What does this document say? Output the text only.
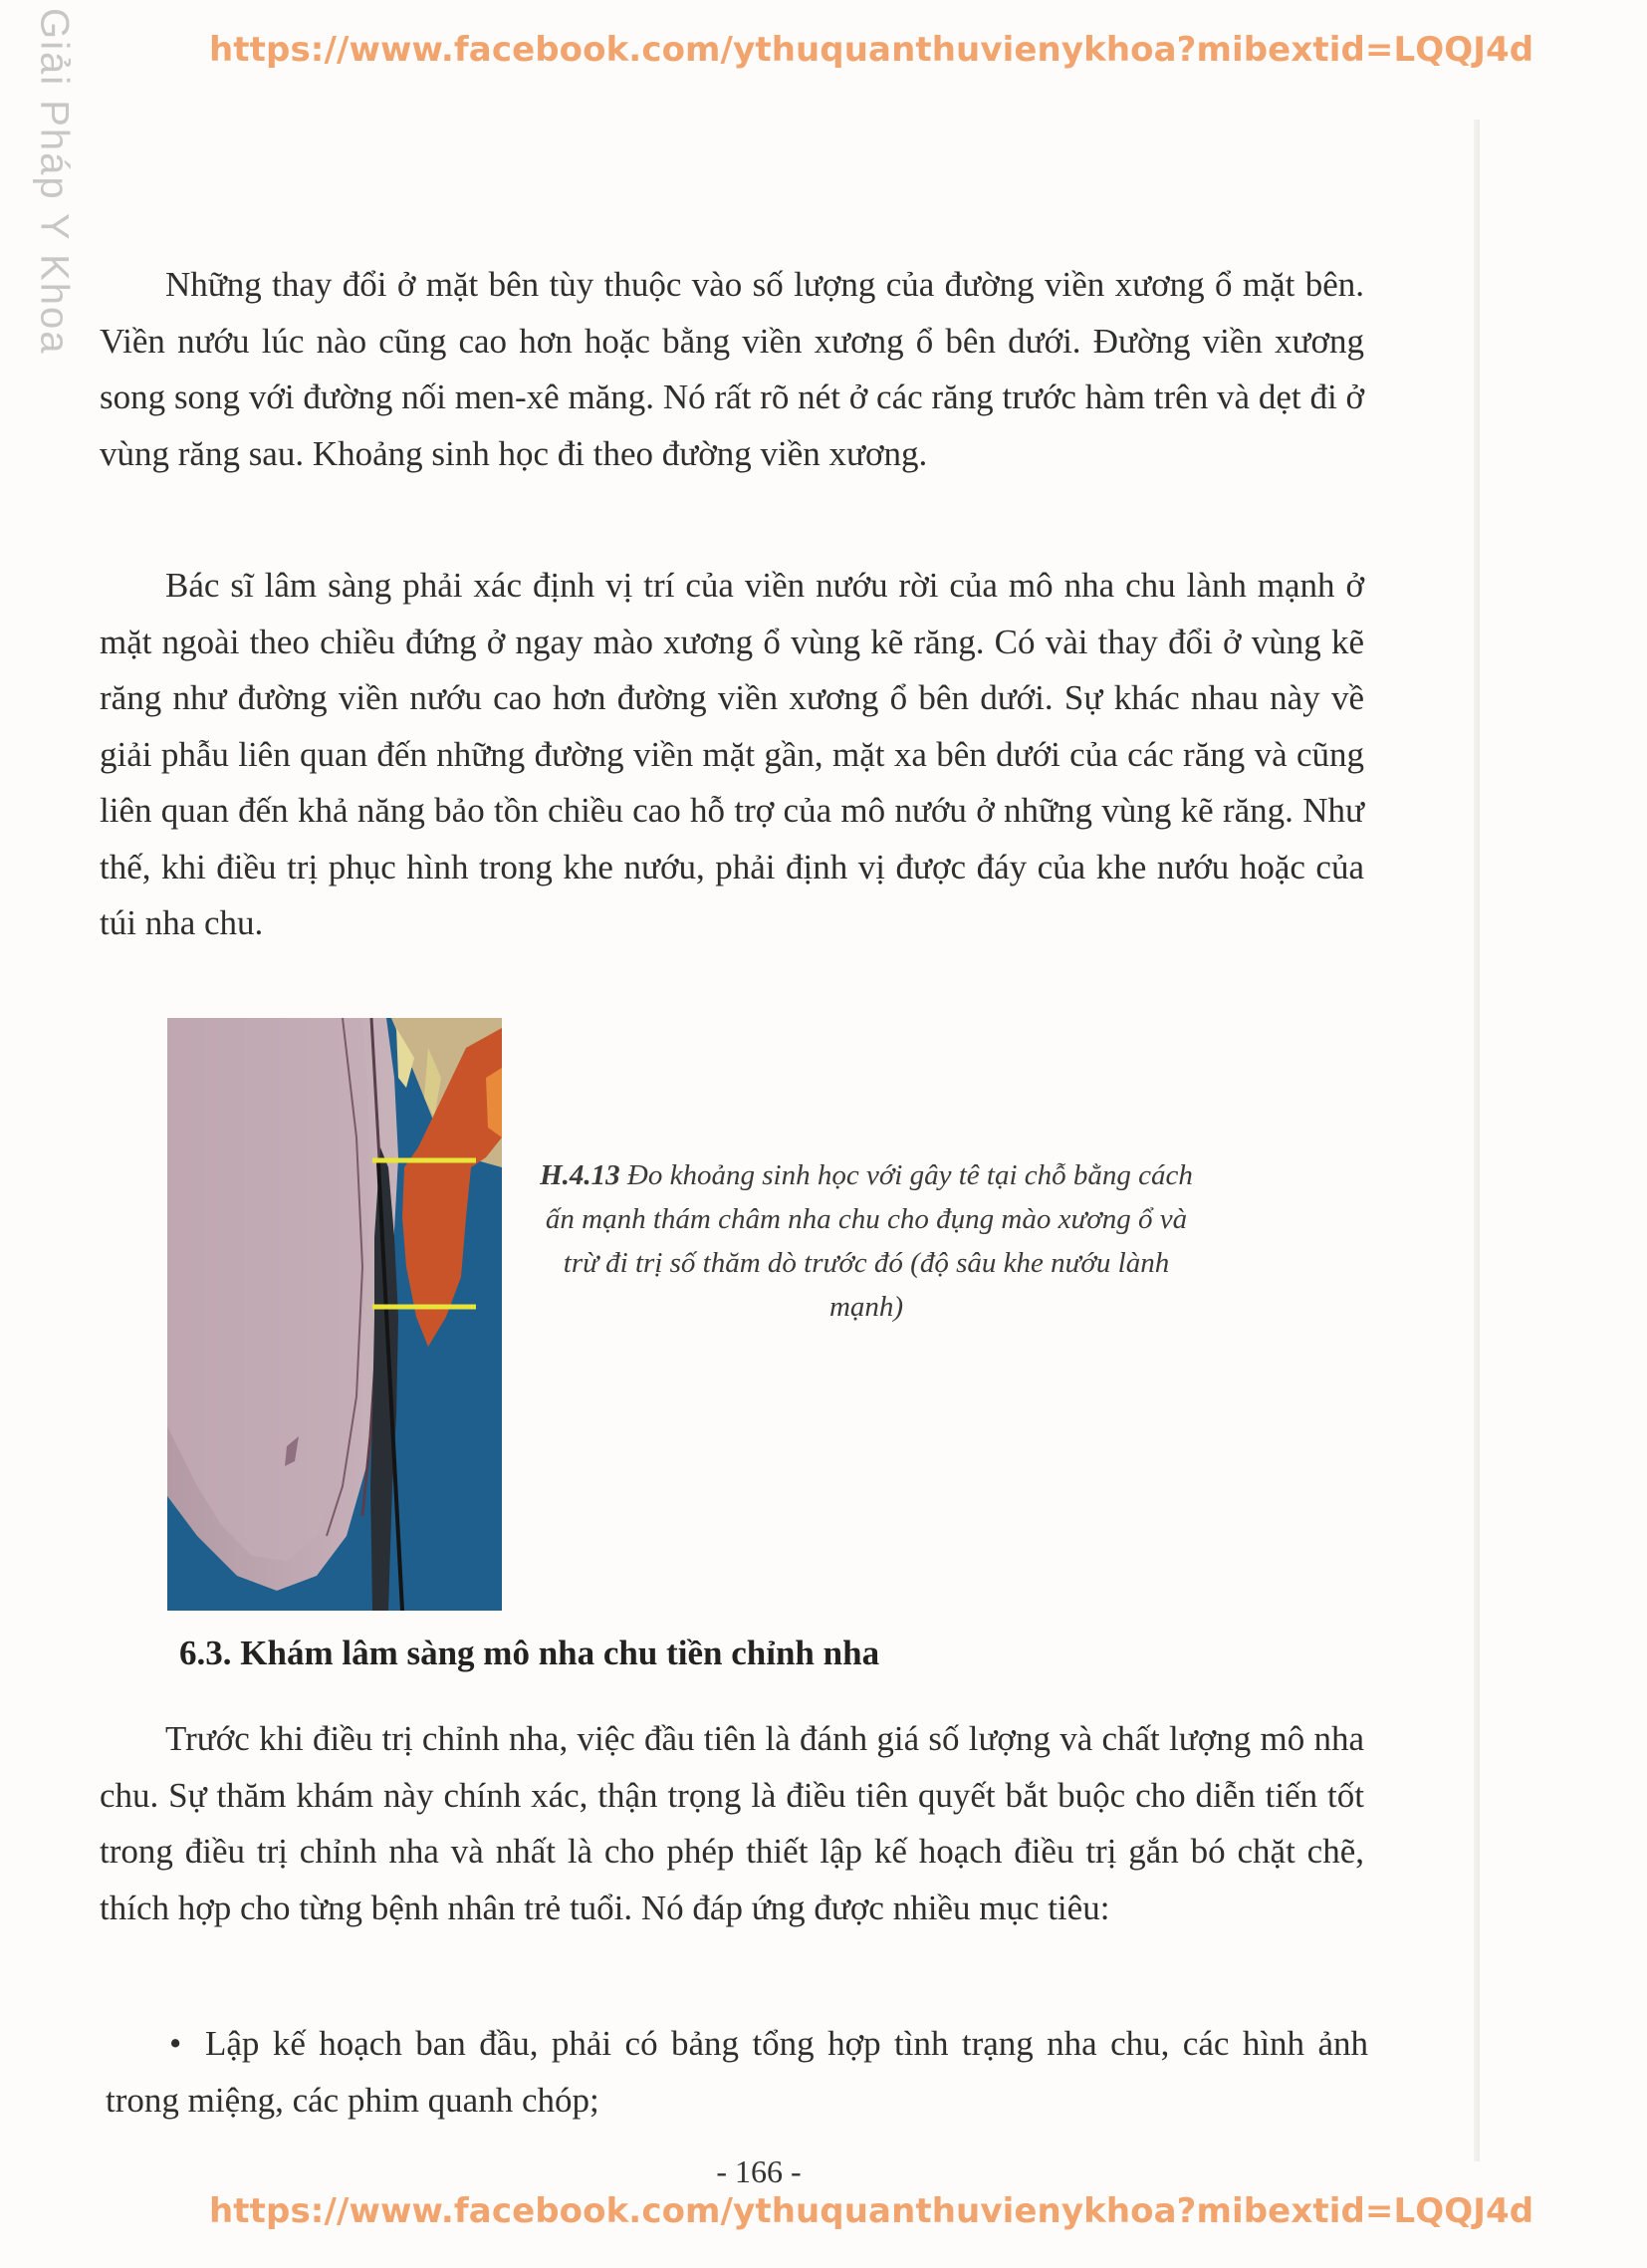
https://www.facebook.com/ythuquanthuvienykhoa?mibextid=LQQJ4d
Giải Pháp Y Khoa	Những thay đổi ở mặt bên tùy thuộc vào số lượng của đường viền xương ổ mặt bên. Viền nướu lúc nào cũng cao hơn hoặc bằng viền xương ổ bên dưới. Đường viền xương song song với đường nối men-xê măng. Nó rất rõ nét ở các răng trước hàm trên và dẹt đi ở vùng răng sau. Khoảng sinh học đi theo đường viền xương.
Bác sĩ lâm sàng phải xác định vị trí của viền nướu rời của mô nha chu lành mạnh ở mặt ngoài theo chiều đứng ở ngay mào xương ổ vùng kẽ răng. Có vài thay đổi ở vùng kẽ răng như đường viền nướu cao hơn đường viền xương ổ bên dưới. Sự khác nhau này về giải phẫu liên quan đến những đường viền mặt gần, mặt xa bên dưới của các răng và cũng liên quan đến khả năng bảo tồn chiều cao hỗ trợ của mô nướu ở những vùng kẽ răng. Như thế, khi điều trị phục hình trong khe nướu, phải định vị được đáy của khe nướu hoặc của túi nha chu.
H.4.13 Đo khoảng sinh học với gây tê tại chỗ bằng cách ấn mạnh thám châm nha chu cho đụng mào xương ổ và trừ đi trị số thăm dò trước đó (độ sâu khe nướu lành mạnh)
6.3. Khám lâm sàng mô nha chu tiền chỉnh nha
Trước khi điều trị chỉnh nha, việc đầu tiên là đánh giá số lượng và chất lượng mô nha chu. Sự thăm khám này chính xác, thận trọng là điều tiên quyết bắt buộc cho diễn tiến tốt trong điều trị chỉnh nha và nhất là cho phép thiết lập kế hoạch điều trị gắn bó chặt chẽ, thích hợp cho từng bệnh nhân trẻ tuổi. Nó đáp ứng được nhiều mục tiêu:
• Lập kế hoạch ban đầu, phải có bảng tổng hợp tình trạng nha chu, các hình ảnh trong miệng, các phim quanh chóp;
- 166 -
https://www.facebook.com/ythuquanthuvienykhoa?mibextid=LQQJ4d
